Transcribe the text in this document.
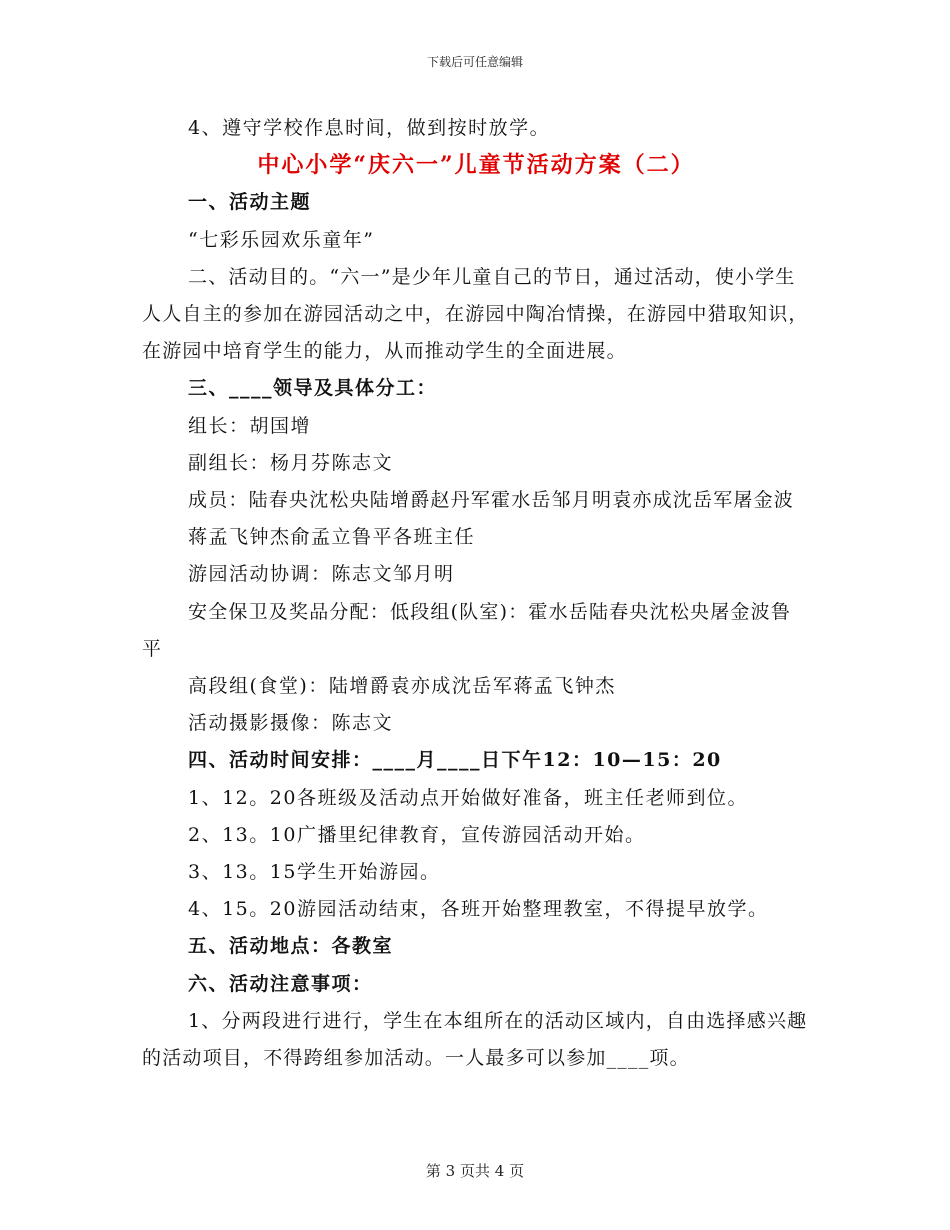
下载后可任意编辑
4、遵守学校作息时间，做到按时放学。
中心小学“庆六一”儿童节活动方案（二）
一、活动主题
“七彩乐园欢乐童年”
二、活动目的。“六一”是少年儿童自己的节日，通过活动，使小学生人人自主的参加在游园活动之中，在游园中陶冶情操，在游园中猎取知识，在游园中培育学生的能力，从而推动学生的全面进展。
三、____领导及具体分工：
组长：胡国增
副组长：杨月芬陈志文
成员：陆春央沈松央陆增爵赵丹军霍水岳邹月明袁亦成沈岳军屠金波
蒋孟飞钟杰俞孟立鲁平各班主任
游园活动协调：陈志文邹月明
安全保卫及奖品分配：低段组(队室)：霍水岳陆春央沈松央屠金波鲁平
高段组(食堂)：陆增爵袁亦成沈岳军蒋孟飞钟杰
活动摄影摄像：陈志文
四、活动时间安排：____月____日下午12：10—15：20
1、12。20各班级及活动点开始做好准备，班主任老师到位。
2、13。10广播里纪律教育，宣传游园活动开始。
3、13。15学生开始游园。
4、15。20游园活动结束，各班开始整理教室，不得提早放学。
五、活动地点：各教室
六、活动注意事项：
1、分两段进行进行，学生在本组所在的活动区域内，自由选择感兴趣的活动项目，不得跨组参加活动。一人最多可以参加____项。
第 3 页共 4 页
